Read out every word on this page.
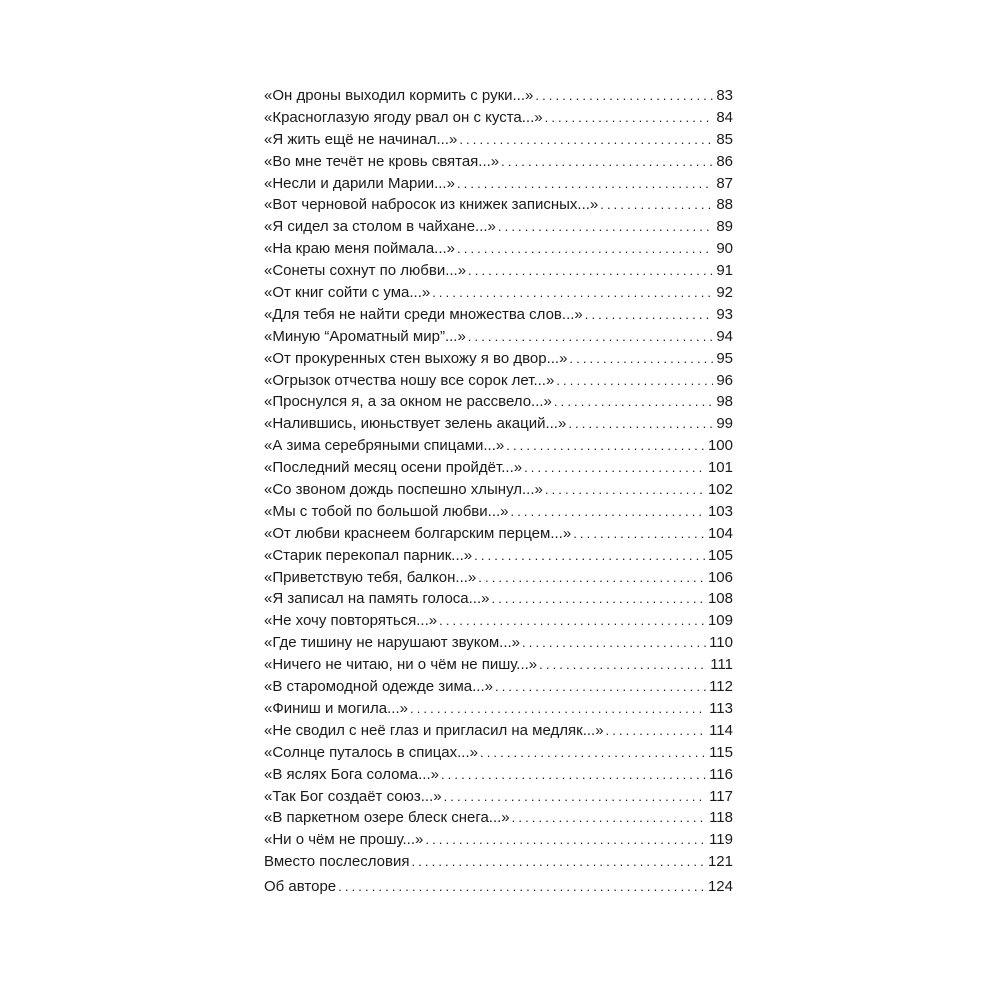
«Он дроны выходил кормить с руки...» .....	83
«Красноглазую ягоду рвал он с куста...» .....	84
«Я жить ещё не начинал...» .....	85
«Во мне течёт не кровь святая...» .....	86
«Несли и дарили Марии...» .....	87
«Вот черновой набросок из книжек записных...» .....	88
«Я сидел за столом в чайхане...» .....	89
«На краю меня поймала...» .....	90
«Сонеты сохнут по любви...» .....	91
«От книг сойти с ума...» .....	92
«Для тебя не найти среди множества слов...» .....	93
«Миную “Ароматный мир”...» .....	94
«От прокуренных стен выхожу я во двор...» .....	95
«Огрызок отчества ношу все сорок лет...» .....	96
«Проснулся я, а за окном не рассвело...» .....	98
«Налившись, июньствует зелень акаций...» .....	99
«А зима серебряными спицами...» .....	100
«Последний месяц осени пройдёт...» .....	101
«Со звоном дождь поспешно хлынул...» .....	102
«Мы с тобой по большой любви...» .....	103
«От любви краснеем болгарским перцем...» .....	104
«Старик перекопал парник...» .....	105
«Приветствую тебя, балкон...» .....	106
«Я записал на память голоса...» .....	108
«Не хочу повторяться...» .....	109
«Где тишину не нарушают звуком...» .....	110
«Ничего не читаю, ни о чём не пишу...» .....	111
«В старомодной одежде зима...» .....	112
«Финиш и могила...» .....	113
«Не сводил с неё глаз и пригласил на медляк...» .....	114
«Солнце путалось в спицах...» .....	115
«В яслях Бога солома...» .....	116
«Так Бог создаёт союз...» .....	117
«В паркетном озере блеск снега...» .....	118
«Ни о чём не прошу...» .....	119
Вместо послесловия .....	121
Об авторе .....	124
